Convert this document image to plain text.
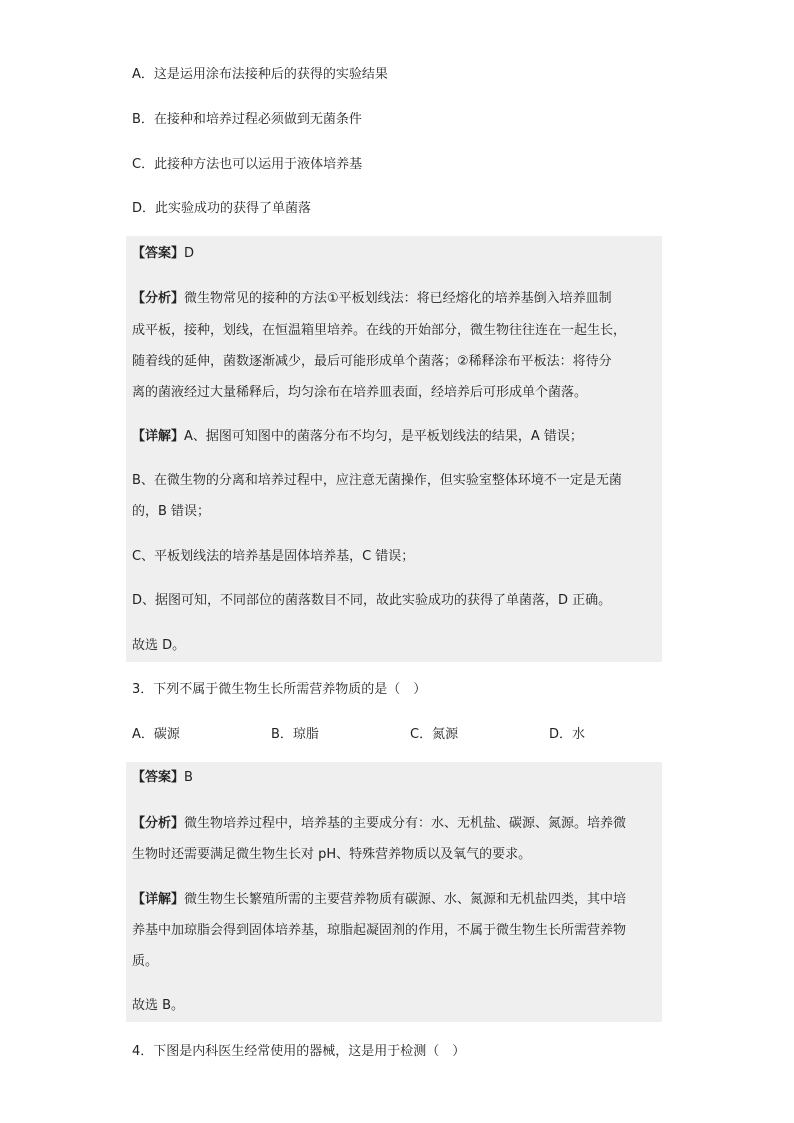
A．这是运用涂布法接种后的获得的实验结果
B．在接种和培养过程必须做到无菌条件
C．此接种方法也可以运用于液体培养基
D．此实验成功的获得了单菌落
【答案】D
【分析】微生物常见的接种的方法①平板划线法：将已经熔化的培养基倒入培养皿制
成平板，接种，划线，在恒温箱里培养。在线的开始部分，微生物往往连在一起生长，
随着线的延伸，菌数逐渐减少，最后可能形成单个菌落；②稀释涂布平板法：将待分
离的菌液经过大量稀释后，均匀涂布在培养皿表面，经培养后可形成单个菌落。
【详解】A、据图可知图中的菌落分布不均匀，是平板划线法的结果，A 错误；
B、在微生物的分离和培养过程中，应注意无菌操作，但实验室整体环境不一定是无菌
的，B 错误；
C、平板划线法的培养基是固体培养基，C 错误；
D、据图可知，不同部位的菌落数目不同，故此实验成功的获得了单菌落，D 正确。
故选 D。
3．下列不属于微生物生长所需营养物质的是（　）
A．碳源	B．琼脂	C．氮源	D．水
【答案】B
【分析】微生物培养过程中，培养基的主要成分有：水、无机盐、碳源、氮源。培养微
生物时还需要满足微生物生长对 pH、特殊营养物质以及氧气的要求。
【详解】微生物生长繁殖所需的主要营养物质有碳源、水、氮源和无机盐四类，其中培
养基中加琼脂会得到固体培养基，琼脂起凝固剂的作用，不属于微生物生长所需营养物
质。
故选 B。
4．下图是内科医生经常使用的器械，这是用于检测（　）
